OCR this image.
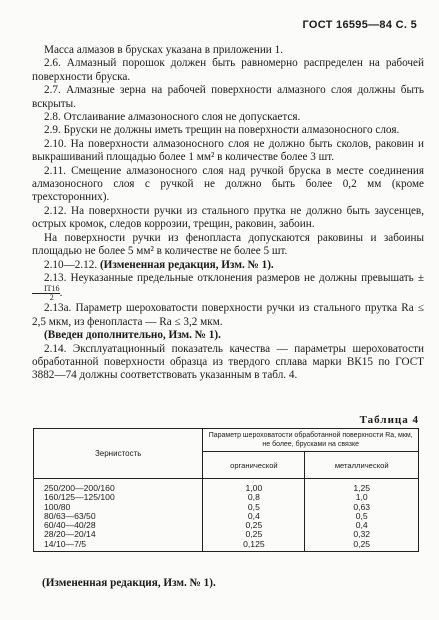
ГОСТ 16595—84 С. 5

Масса алмазов в брусках указана в приложении 1.

2.6. Алмазный порошок должен быть равномерно распределен на рабочей поверхности бруска.

2.7. Алмазные зерна на рабочей поверхности алмазного слоя должны быть вскрыты.

2.8. Отслаивание алмазоносного слоя не допускается.

2.9. Бруски не должны иметь трещин на поверхности алмазоносного слоя.

2.10. На поверхности алмазоносного слоя не должно быть сколов, раковин и выкрашиваний площадью более 1 мм² в количестве более 3 шт.

2.11. Смещение алмазоносного слоя над ручкой бруска в месте соединения алмазоносного слоя с ручкой не должно быть более 0,2 мм (кроме трехсторонних).

2.12. На поверхности ручки из стального прутка не должно быть заусенцев, острых кромок, следов коррозии, трещин, раковин, забоин.

На поверхности ручки из фенопласта допускаются раковины и забоины площадью не более 5 мм² в количестве не более 5 шт.

2.10—2.12. (Измененная редакция, Изм. № 1).

2.13. Неуказанные предельные отклонения размеров не должны превышать ±
$\frac{IT16}{2}$ .

2.13а. Параметр шероховатости поверхности ручки из стального прутка Ra ≤ 2,5 мкм, из фенопласта — Ra ≤ 3,2 мкм.

(Введен дополнительно, Изм. № 1).

2.14. Эксплуатационный показатель качества — параметры шероховатости обработанной поверхности образца из твердого сплава марки ВК15 по ГОСТ 3882—74 должны соответствовать указанным в табл. 4.

Таблица 4
Зернистость	Параметр шероховатости обработанной поверхности Ra, мкм, не более, брусками на связке	
	органической	металлической
250/200—200/160	1,00	1,25
160/125—125/100	0,8	1,0
100/80	0,5	0,63
80/63—63/50	0,4	0,5
60/40—40/28	0,25	0,4
28/20—20/14	0,25	0,32
14/10—7/5	0,125	0,25
(Измененная редакция, Изм. № 1).
